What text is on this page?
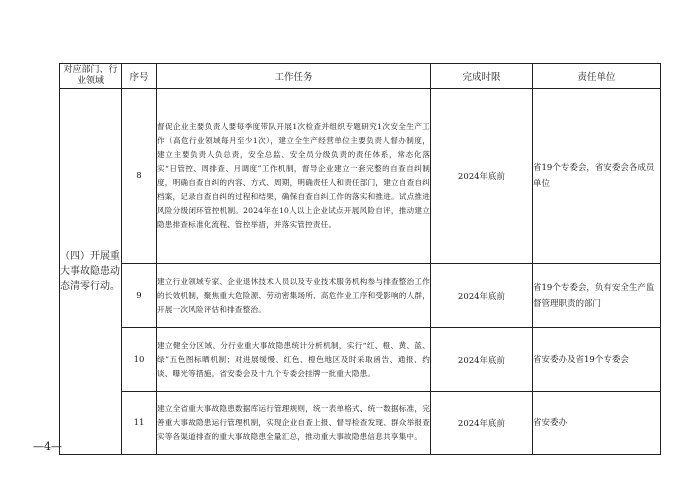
对应部门、行业领域	序号	工作任务	完成时限	责任单位
（四）开展重大事故隐患动态清零行动。	8	督促企业主要负责人要每季度带队开展1次检查并组织专题研究1次安全生产工作（高危行业领域每月至少1次），建立全生产经营单位主要负责人督办制度，建立主要负责人负总责，安全总监、安全员分级负责的责任体系，常态化落实“日管控、周排查、月调度”工作机制，督导企业建立一套完整的自查自纠制度，明确自查自纠的内容、方式、周期，明确责任人和责任部门，建立自查自纠档案，记录自查自纠的过程和结果，确保自查自纠工作的落实和推进。试点推进风险分级闭环管控机制。2024年在10人以上企业试点开展风险自评，推动建立隐患排查标准化流程、管控举措，并落实管控责任。	2024年底前	省19个专委会，省安委会各成员单位
	9	建立行业领域专家、企业退休技术人员以及专业技术服务机构参与排查整治工作的长效机制，聚焦重大危险源、劳动密集场所、高危作业工序和受影响的人群，开展一次风险评估和排查整治。	2024年底前	省19个专委会，负有安全生产监督管理职责的部门
	10	建立健全分区域、分行业重大事故隐患统计分析机制，实行“红、橙、黄、蓝、绿”五色图标晒机制；对进展缓慢、红色、橙色地区及时采取函告、通报、约谈、曝光等措施。省安委会及十九个专委会挂牌一批重大隐患。	2024年底前	省安委办及省19个专委会
	11	建立全省重大事故隐患数据库运行管理规则，统一表单格式、统一数据标准，完善重大事故隐患运行管理机制，实现企业自查上报、督导检查发现、群众举报查实等各渠道排查的重大事故隐患全量汇总，推动重大事故隐患信息共享集中。	2024年底前	省安委办
—4—
